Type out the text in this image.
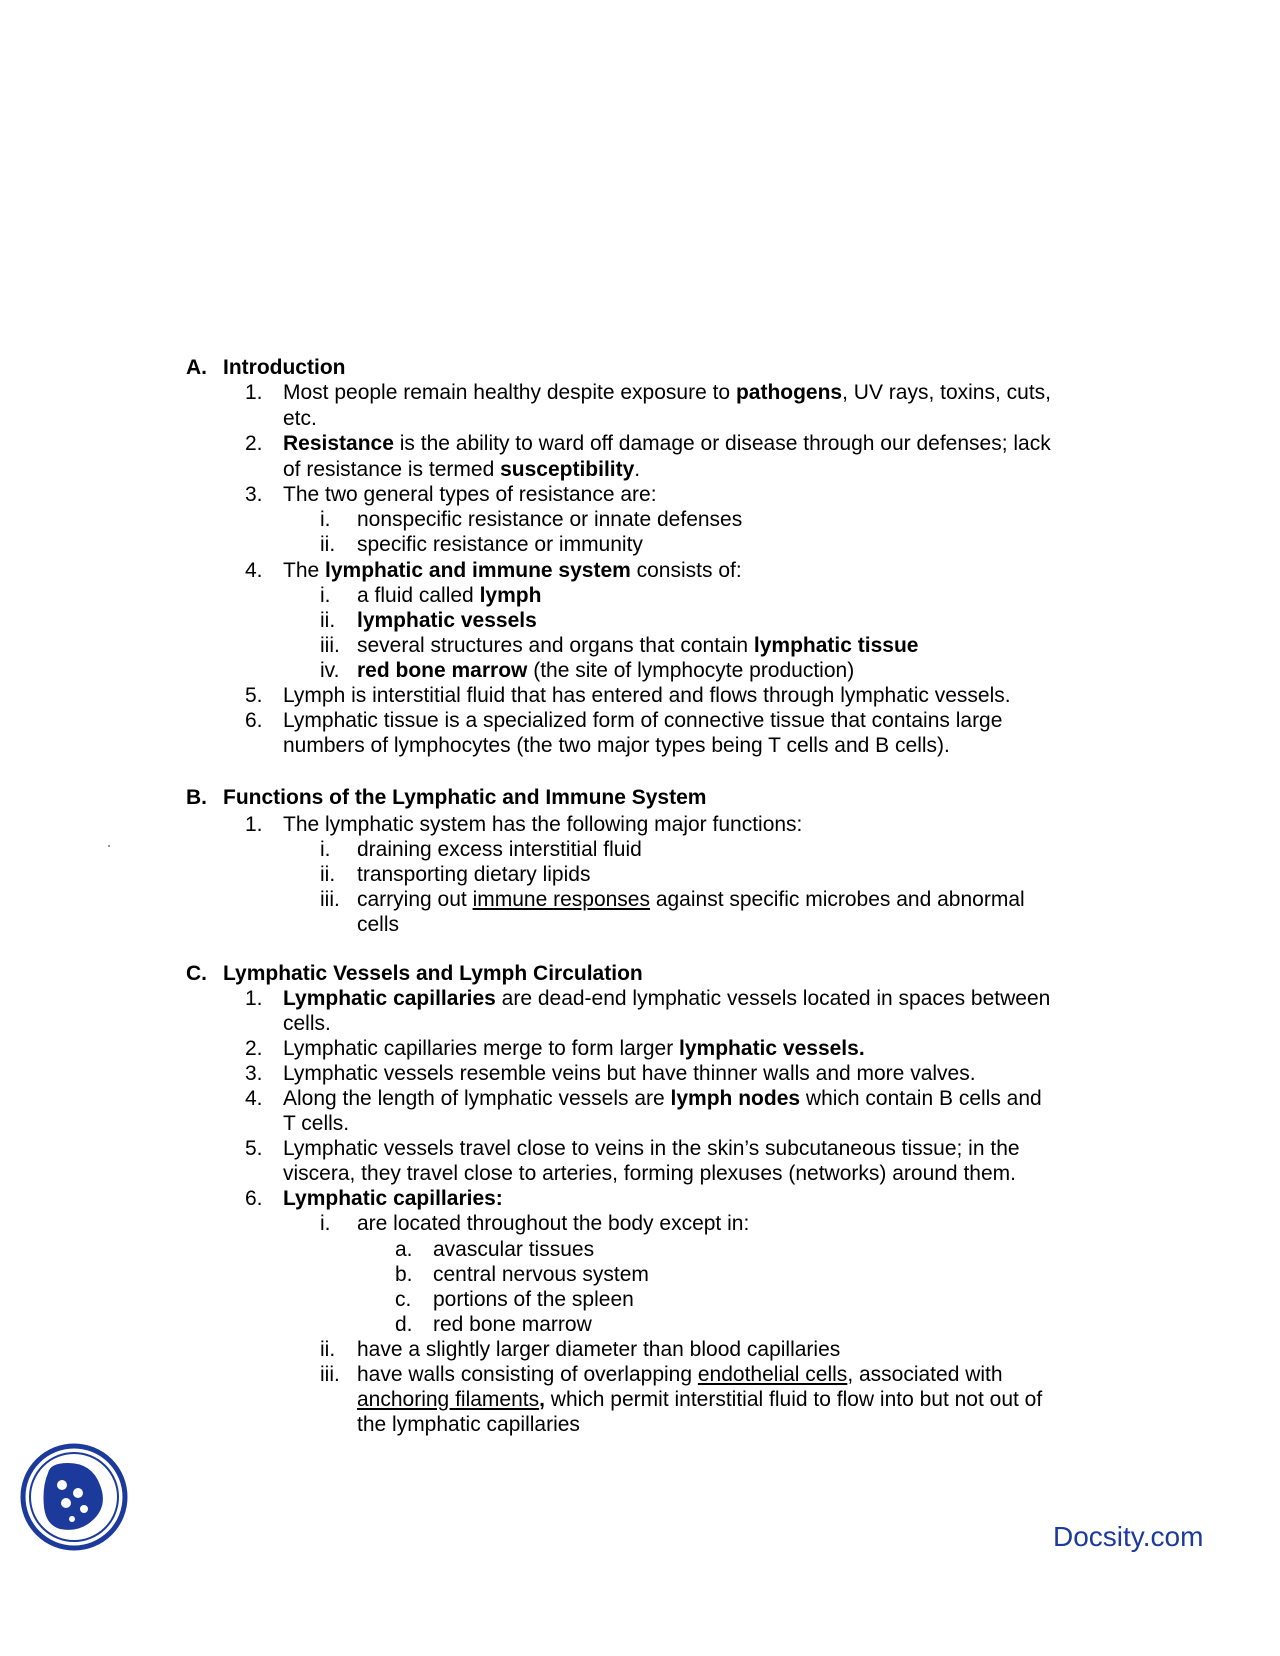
A. Introduction
1. Most people remain healthy despite exposure to pathogens, UV rays, toxins, cuts,
etc.
2. Resistance is the ability to ward off damage or disease through our defenses; lack
of resistance is termed susceptibility.
3. The two general types of resistance are:
i. nonspecific resistance or innate defenses
ii. specific resistance or immunity
4. The lymphatic and immune system consists of:
i. a fluid called lymph
ii. lymphatic vessels
iii. several structures and organs that contain lymphatic tissue
iv. red bone marrow (the site of lymphocyte production)
5. Lymph is interstitial fluid that has entered and flows through lymphatic vessels.
6. Lymphatic tissue is a specialized form of connective tissue that contains large
numbers of lymphocytes (the two major types being T cells and B cells).
B. Functions of the Lymphatic and Immune System
1. The lymphatic system has the following major functions:
i. draining excess interstitial fluid
ii. transporting dietary lipids
iii. carrying out immune responses against specific microbes and abnormal
cells
C. Lymphatic Vessels and Lymph Circulation
1. Lymphatic capillaries are dead-end lymphatic vessels located in spaces between
cells.
2. Lymphatic capillaries merge to form larger lymphatic vessels.
3. Lymphatic vessels resemble veins but have thinner walls and more valves.
4. Along the length of lymphatic vessels are lymph nodes which contain B cells and
T cells.
5. Lymphatic vessels travel close to veins in the skin’s subcutaneous tissue; in the
viscera, they travel close to arteries, forming plexuses (networks) around them.
6. Lymphatic capillaries:
i. are located throughout the body except in:
a. avascular tissues
b. central nervous system
c. portions of the spleen
d. red bone marrow
ii. have a slightly larger diameter than blood capillaries
iii. have walls consisting of overlapping endothelial cells, associated with
anchoring filaments, which permit interstitial fluid to flow into but not out of
the lymphatic capillaries
Docsity.com
